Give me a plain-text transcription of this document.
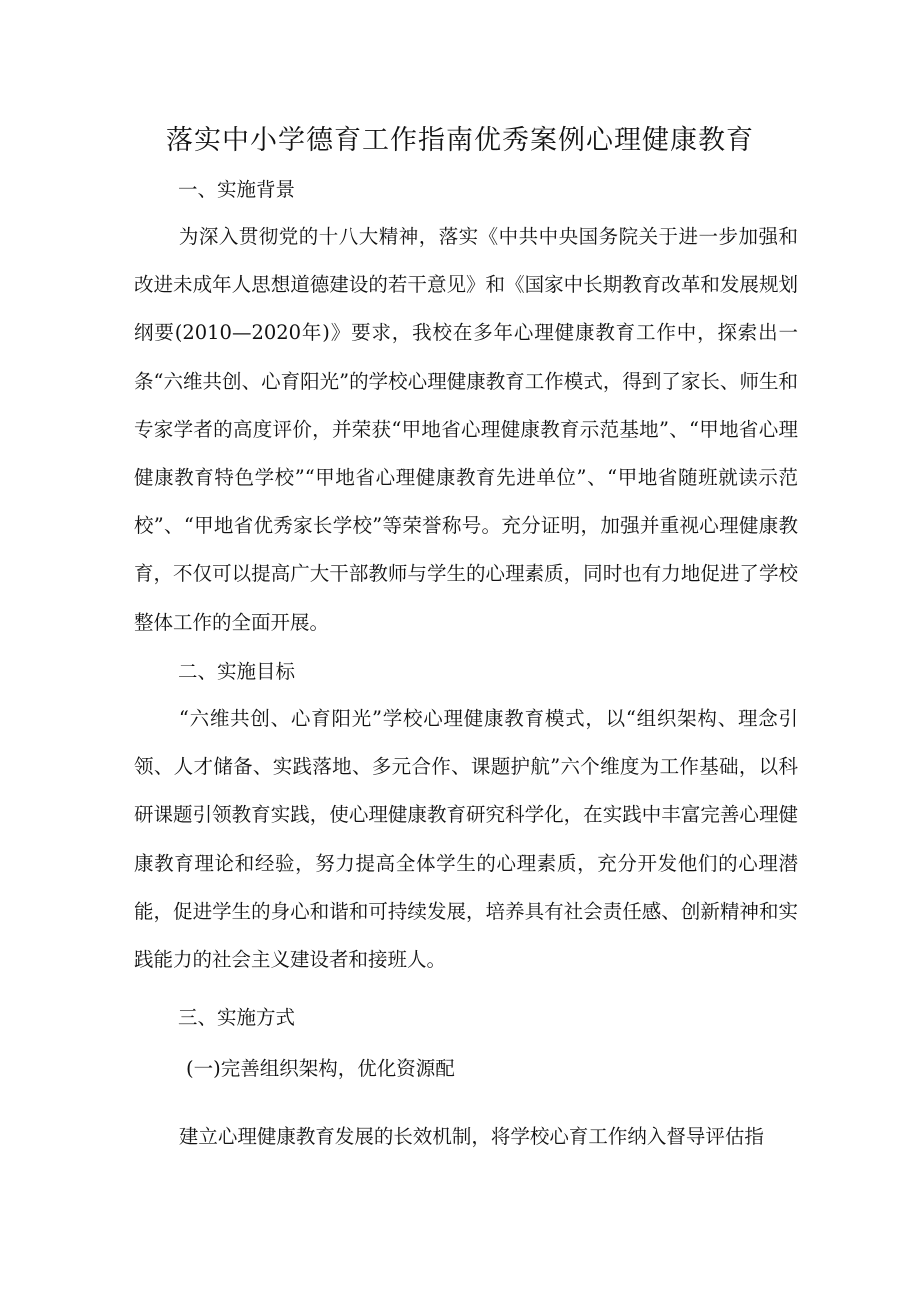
落实中小学德育工作指南优秀案例心理健康教育
一、实施背景

为深入贯彻党的十八大精神，落实《中共中央国务院关于进一步加强和改进未成年人思想道德建设的若干意见》和《国家中长期教育改革和发展规划纲要(2010—2020年)》要求，我校在多年心理健康教育工作中，探索出一条“六维共创、心育阳光”的学校心理健康教育工作模式，得到了家长、师生和专家学者的高度评价，并荣获“甲地省心理健康教育示范基地”、“甲地省心理健康教育特色学校”“甲地省心理健康教育先进单位”、“甲地省随班就读示范校”、“甲地省优秀家长学校”等荣誉称号。充分证明，加强并重视心理健康教育，不仅可以提高广大干部教师与学生的心理素质，同时也有力地促进了学校整体工作的全面开展。

二、实施目标

“六维共创、心育阳光”学校心理健康教育模式，以“组织架构、理念引领、人才储备、实践落地、多元合作、课题护航”六个维度为工作基础，以科研课题引领教育实践，使心理健康教育研究科学化，在实践中丰富完善心理健康教育理论和经验，努力提高全体学生的心理素质，充分开发他们的心理潜能，促进学生的身心和谐和可持续发展，培养具有社会责任感、创新精神和实践能力的社会主义建设者和接班人。

三、实施方式

(一)完善组织架构，优化资源配

建立心理健康教育发展的长效机制，将学校心育工作纳入督导评估指
